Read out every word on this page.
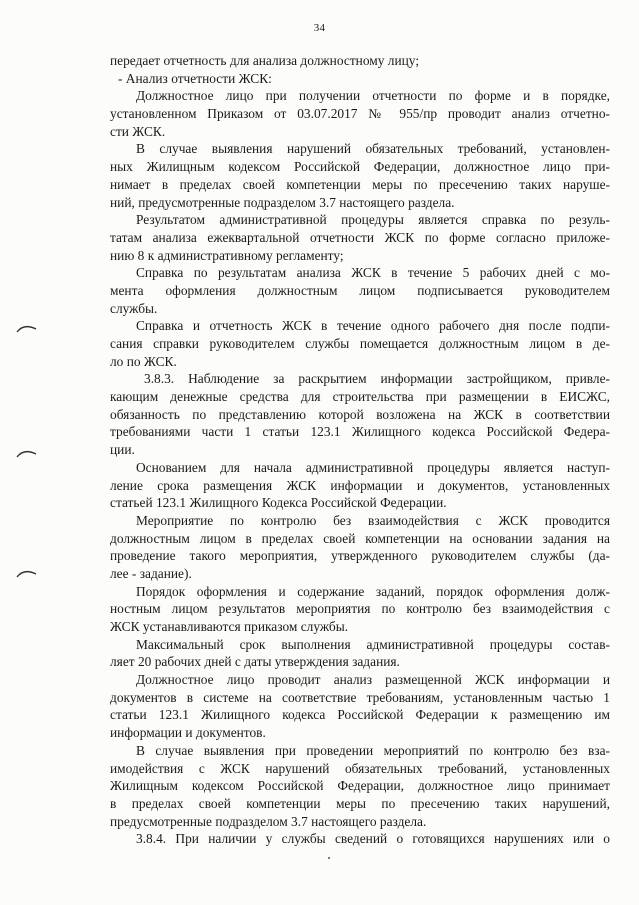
34
передает отчетность для анализа должностному лицу;
- Анализ отчетности ЖСК:
Должностное лицо при получении отчетности по форме и в порядке,
установленном Приказом от 03.07.2017 № 955/пр проводит анализ отчетно-
сти ЖСК.
В случае выявления нарушений обязательных требований, установлен-
ных Жилищным кодексом Российской Федерации, должностное лицо при-
нимает в пределах своей компетенции меры по пресечению таких наруше-
ний, предусмотренные подразделом 3.7 настоящего раздела.
Результатом административной процедуры является справка по резуль-
татам анализа ежеквартальной отчетности ЖСК по форме согласно приложе-
нию 8 к административному регламенту;
Справка по результатам анализа ЖСК в течение 5 рабочих дней с мо-
мента оформления должностным лицом подписывается руководителем
службы.
Справка и отчетность ЖСК в течение одного рабочего дня после подпи-
сания справки руководителем службы помещается должностным лицом в де-
ло по ЖСК.
3.8.3. Наблюдение за раскрытием информации застройщиком, привле-
кающим денежные средства для строительства при размещении в ЕИСЖС,
обязанность по представлению которой возложена на ЖСК в соответствии
требованиями части 1 статьи 123.1 Жилищного кодекса Российской Федера-
ции.
Основанием для начала административной процедуры является наступ-
ление срока размещения ЖСК информации и документов, установленных
статьей 123.1 Жилищного Кодекса Российской Федерации.
Мероприятие по контролю без взаимодействия с ЖСК проводится
должностным лицом в пределах своей компетенции на основании задания на
проведение такого мероприятия, утвержденного руководителем службы (да-
лее - задание).
Порядок оформления и содержание заданий, порядок оформления долж-
ностным лицом результатов мероприятия по контролю без взаимодействия с
ЖСК устанавливаются приказом службы.
Максимальный срок выполнения административной процедуры состав-
ляет 20 рабочих дней с даты утверждения задания.
Должностное лицо проводит анализ размещенной ЖСК информации и
документов в системе на соответствие требованиям, установленным частью 1
статьи 123.1 Жилищного кодекса Российской Федерации к размещению им
информации и документов.
В случае выявления при проведении мероприятий по контролю без вза-
имодействия с ЖСК нарушений обязательных требований, установленных
Жилищным кодексом Российской Федерации, должностное лицо принимает
в пределах своей компетенции меры по пресечению таких нарушений,
предусмотренные подразделом 3.7 настоящего раздела.
3.8.4. При наличии у службы сведений о готовящихся нарушениях или о
